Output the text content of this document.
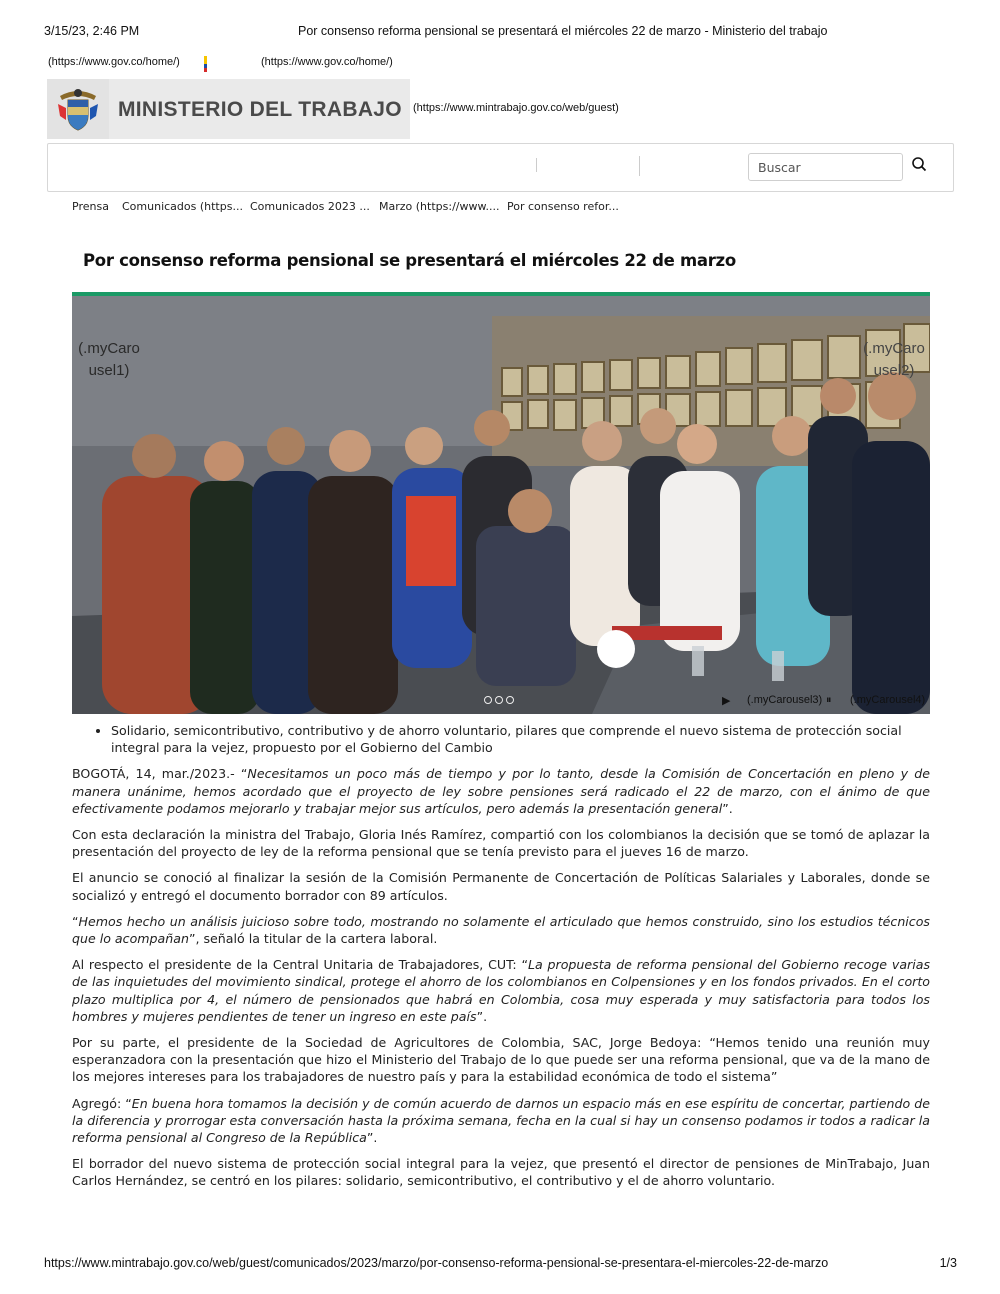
3/15/23, 2:46 PM	Por consenso reforma pensional se presentará el miércoles 22 de marzo - Ministerio del trabajo
(https://www.gov.co/home/)	(https://www.gov.co/home/)
MINISTERIO DEL TRABAJO (https://www.mintrabajo.gov.co/web/guest)
Buscar
Prensa Comunicados (https... Comunicados 2023 ... Marzo (https://www.... Por consenso refor...
Por consenso reforma pensional se presentará el miércoles 22 de marzo
(.myCaro
usel1)
(.myCaro
usel2)
▶ (.myCarousel3) ⏸ (.myCarousel4)
• Solidario, semicontributivo, contributivo y de ahorro voluntario, pilares que comprende el nuevo sistema de protección social integral para la vejez, propuesto por el Gobierno del Cambio

BOGOTÁ, 14, mar./2023.- “Necesitamos un poco más de tiempo y por lo tanto, desde la Comisión de Concertación en pleno y de manera unánime, hemos acordado que el proyecto de ley sobre pensiones será radicado el 22 de marzo, con el ánimo de que efectivamente podamos mejorarlo y trabajar mejor sus artículos, pero además la presentación general”.

Con esta declaración la ministra del Trabajo, Gloria Inés Ramírez, compartió con los colombianos la decisión que se tomó de aplazar la presentación del proyecto de ley de la reforma pensional que se tenía previsto para el jueves 16 de marzo.

El anuncio se conoció al finalizar la sesión de la Comisión Permanente de Concertación de Políticas Salariales y Laborales, donde se socializó y entregó el documento borrador con 89 artículos.

“Hemos hecho un análisis juicioso sobre todo, mostrando no solamente el articulado que hemos construido, sino los estudios técnicos que lo acompañan”, señaló la titular de la cartera laboral.

Al respecto el presidente de la Central Unitaria de Trabajadores, CUT: “La propuesta de reforma pensional del Gobierno recoge varias de las inquietudes del movimiento sindical, protege el ahorro de los colombianos en Colpensiones y en los fondos privados. En el corto plazo multiplica por 4, el número de pensionados que habrá en Colombia, cosa muy esperada y muy satisfactoria para todos los hombres y mujeres pendientes de tener un ingreso en este país”.

Por su parte, el presidente de la Sociedad de Agricultores de Colombia, SAC, Jorge Bedoya: “Hemos tenido una reunión muy esperanzadora con la presentación que hizo el Ministerio del Trabajo de lo que puede ser una reforma pensional, que va de la mano de los mejores intereses para los trabajadores de nuestro país y para la estabilidad económica de todo el sistema”

Agregó: “En buena hora tomamos la decisión y de común acuerdo de darnos un espacio más en ese espíritu de concertar, partiendo de la diferencia y prorrogar esta conversación hasta la próxima semana, fecha en la cual si hay un consenso podamos ir todos a radicar la reforma pensional al Congreso de la República”.

El borrador del nuevo sistema de protección social integral para la vejez, que presentó el director de pensiones de MinTrabajo, Juan Carlos Hernández, se centró en los pilares: solidario, semicontributivo, el contributivo y el de ahorro voluntario.

https://www.mintrabajo.gov.co/web/guest/comunicados/2023/marzo/por-consenso-reforma-pensional-se-presentara-el-miercoles-22-de-marzo	1/3
